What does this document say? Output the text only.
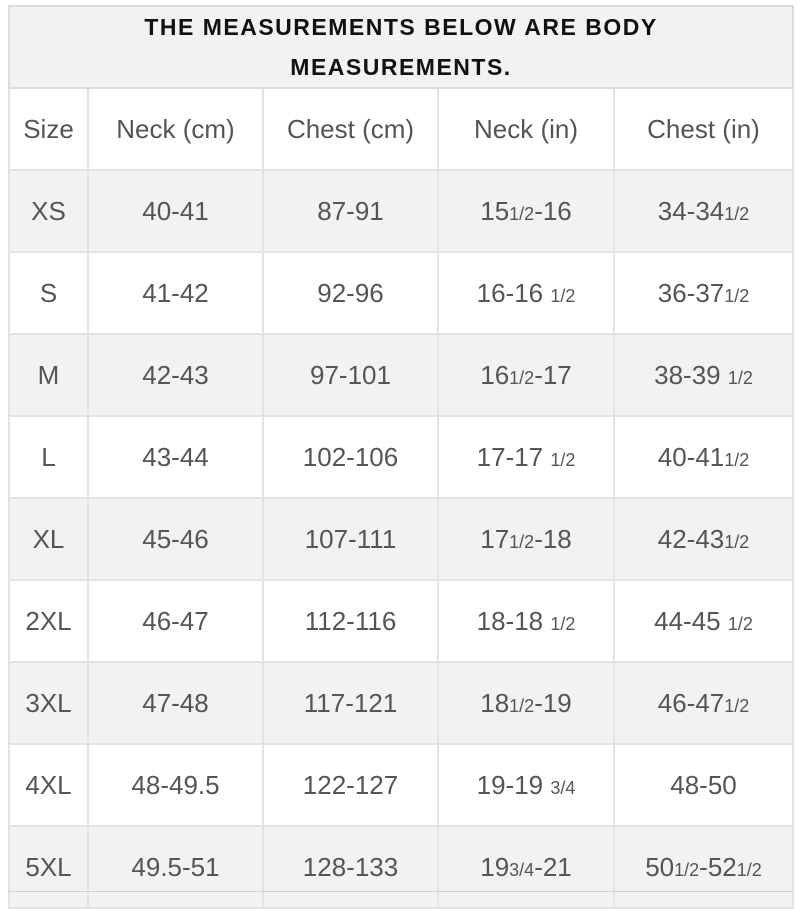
THE MEASUREMENTS BELOW ARE BODY MEASUREMENTS.				
Size	Neck (cm)	Chest (cm)	Neck (in)	Chest (in)
XS	40-41	87-91	151/2-16	34-341/2
S	41-42	92-96	16-16 1/2	36-371/2
M	42-43	97-101	161/2-17	38-39 1/2
L	43-44	102-106	17-17 1/2	40-411/2
XL	45-46	107-111	171/2-18	42-431/2
2XL	46-47	112-116	18-18 1/2	44-45 1/2
3XL	47-48	117-121	181/2-19	46-471/2
4XL	48-49.5	122-127	19-19 3/4	48-50
5XL	49.5-51	128-133	193/4-21	501/2-521/2
